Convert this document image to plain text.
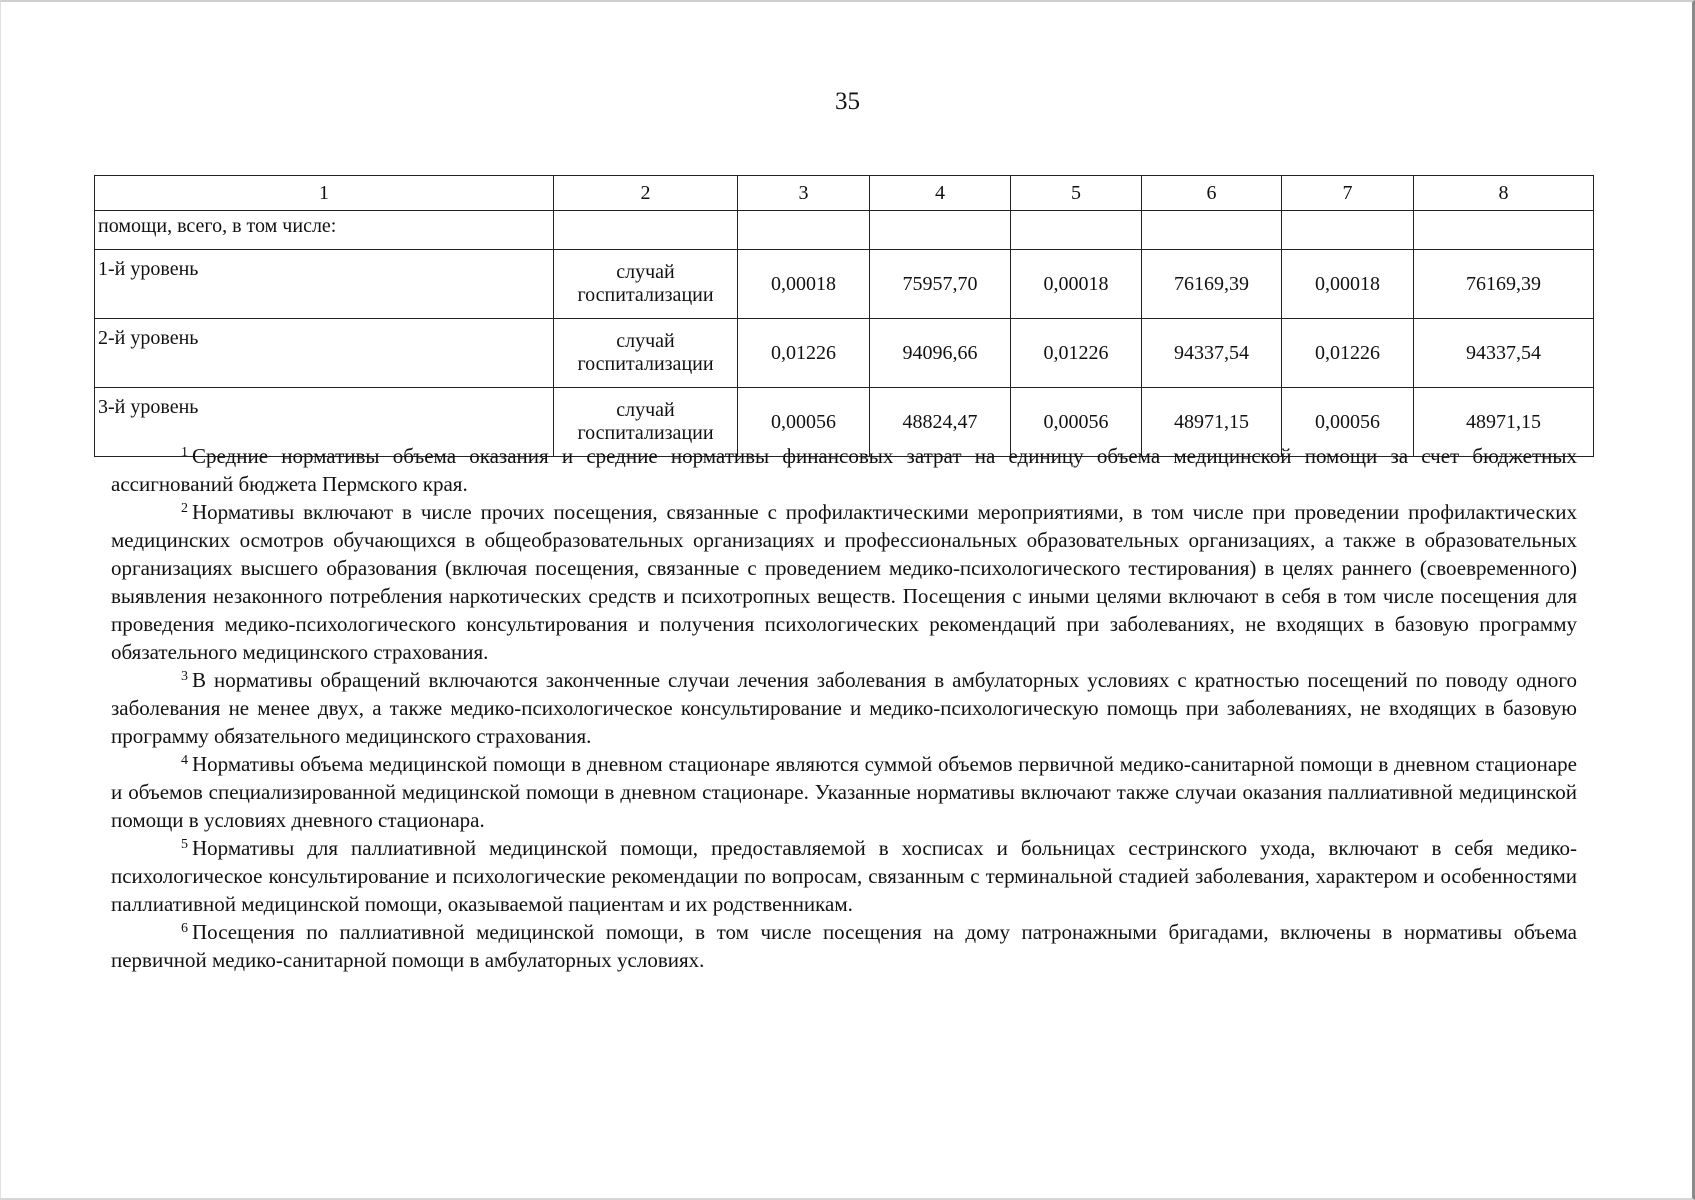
35
1	2	3	4	5	6	7	8
помощи, всего, в том числе:							
1-й уровень	случай госпитализации	0,00018	75957,70	0,00018	76169,39	0,00018	76169,39
2-й уровень	случай госпитализации	0,01226	94096,66	0,01226	94337,54	0,01226	94337,54
3-й уровень	случай госпитализации	0,00056	48824,47	0,00056	48971,15	0,00056	48971,15

$^1$ Средние нормативы объема оказания и средние нормативы финансовых затрат на единицу объема медицинской помощи за счет бюджетных ассигнований бюджета Пермского края.

$^2$ Нормативы включают в числе прочих посещения, связанные с профилактическими мероприятиями, в том числе при проведении профилактических медицинских осмотров обучающихся в общеобразовательных организациях и профессиональных образовательных организациях, а также в образовательных организациях высшего образования (включая посещения, связанные с проведением медико-психологического тестирования) в целях раннего (своевременного) выявления незаконного потребления наркотических средств и психотропных веществ. Посещения с иными целями включают в себя в том числе посещения для проведения медико-психологического консультирования и получения психологических рекомендаций при заболеваниях, не входящих в базовую программу обязательного медицинского страхования.

$^3$ В нормативы обращений включаются законченные случаи лечения заболевания в амбулаторных условиях с кратностью посещений по поводу одного заболевания не менее двух, а также медико-психологическое консультирование и медико-психологическую помощь при заболеваниях, не входящих в базовую программу обязательного медицинского страхования.

$^4$ Нормативы объема медицинской помощи в дневном стационаре являются суммой объемов первичной медико-санитарной помощи в дневном стационаре и объемов специализированной медицинской помощи в дневном стационаре. Указанные нормативы включают также случаи оказания паллиативной медицинской помощи в условиях дневного стационара.

$^5$ Нормативы для паллиативной медицинской помощи, предоставляемой в хосписах и больницах сестринского ухода, включают в себя медико-психологическое консультирование и психологические рекомендации по вопросам, связанным с терминальной стадией заболевания, характером и особенностями паллиативной медицинской помощи, оказываемой пациентам и их родственникам.

$^6$ Посещения по паллиативной медицинской помощи, в том числе посещения на дому патронажными бригадами, включены в нормативы объема первичной медико-санитарной помощи в амбулаторных условиях.
